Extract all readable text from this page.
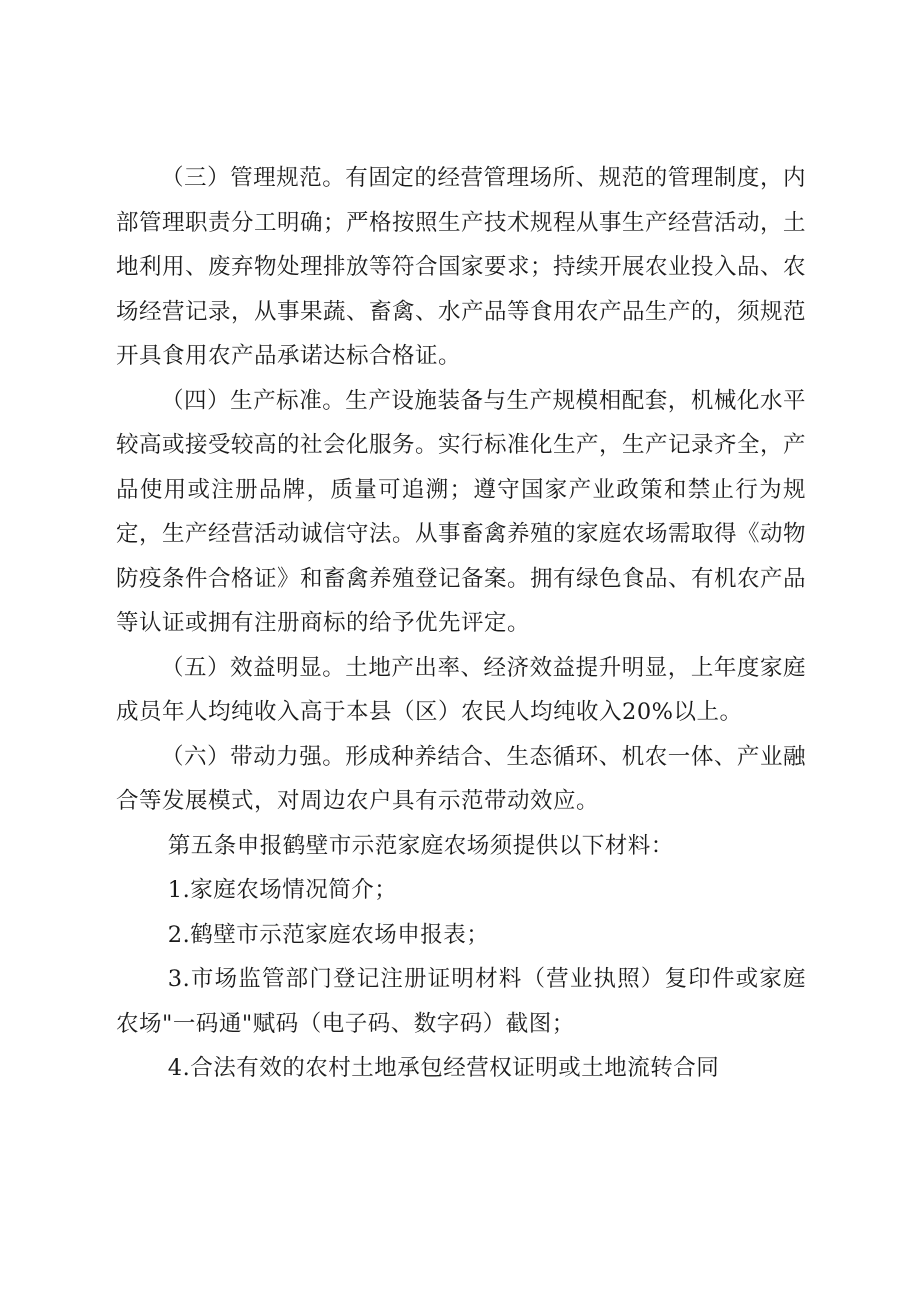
（三）管理规范。有固定的经营管理场所、规范的管理制度，内部管理职责分工明确；严格按照生产技术规程从事生产经营活动，土地利用、废弃物处理排放等符合国家要求；持续开展农业投入品、农场经营记录，从事果蔬、畜禽、水产品等食用农产品生产的，须规范开具食用农产品承诺达标合格证。

（四）生产标准。生产设施装备与生产规模相配套，机械化水平较高或接受较高的社会化服务。实行标准化生产，生产记录齐全，产品使用或注册品牌，质量可追溯；遵守国家产业政策和禁止行为规定，生产经营活动诚信守法。从事畜禽养殖的家庭农场需取得《动物防疫条件合格证》和畜禽养殖登记备案。拥有绿色食品、有机农产品等认证或拥有注册商标的给予优先评定。

（五）效益明显。土地产出率、经济效益提升明显，上年度家庭成员年人均纯收入高于本县（区）农民人均纯收入20%以上。

（六）带动力强。形成种养结合、生态循环、机农一体、产业融合等发展模式，对周边农户具有示范带动效应。

第五条申报鹤壁市示范家庭农场须提供以下材料：

1.家庭农场情况简介；

2.鹤壁市示范家庭农场申报表；

3.市场监管部门登记注册证明材料（营业执照）复印件或家庭农场"一码通"赋码（电子码、数字码）截图；

4.合法有效的农村土地承包经营权证明或土地流转合同
